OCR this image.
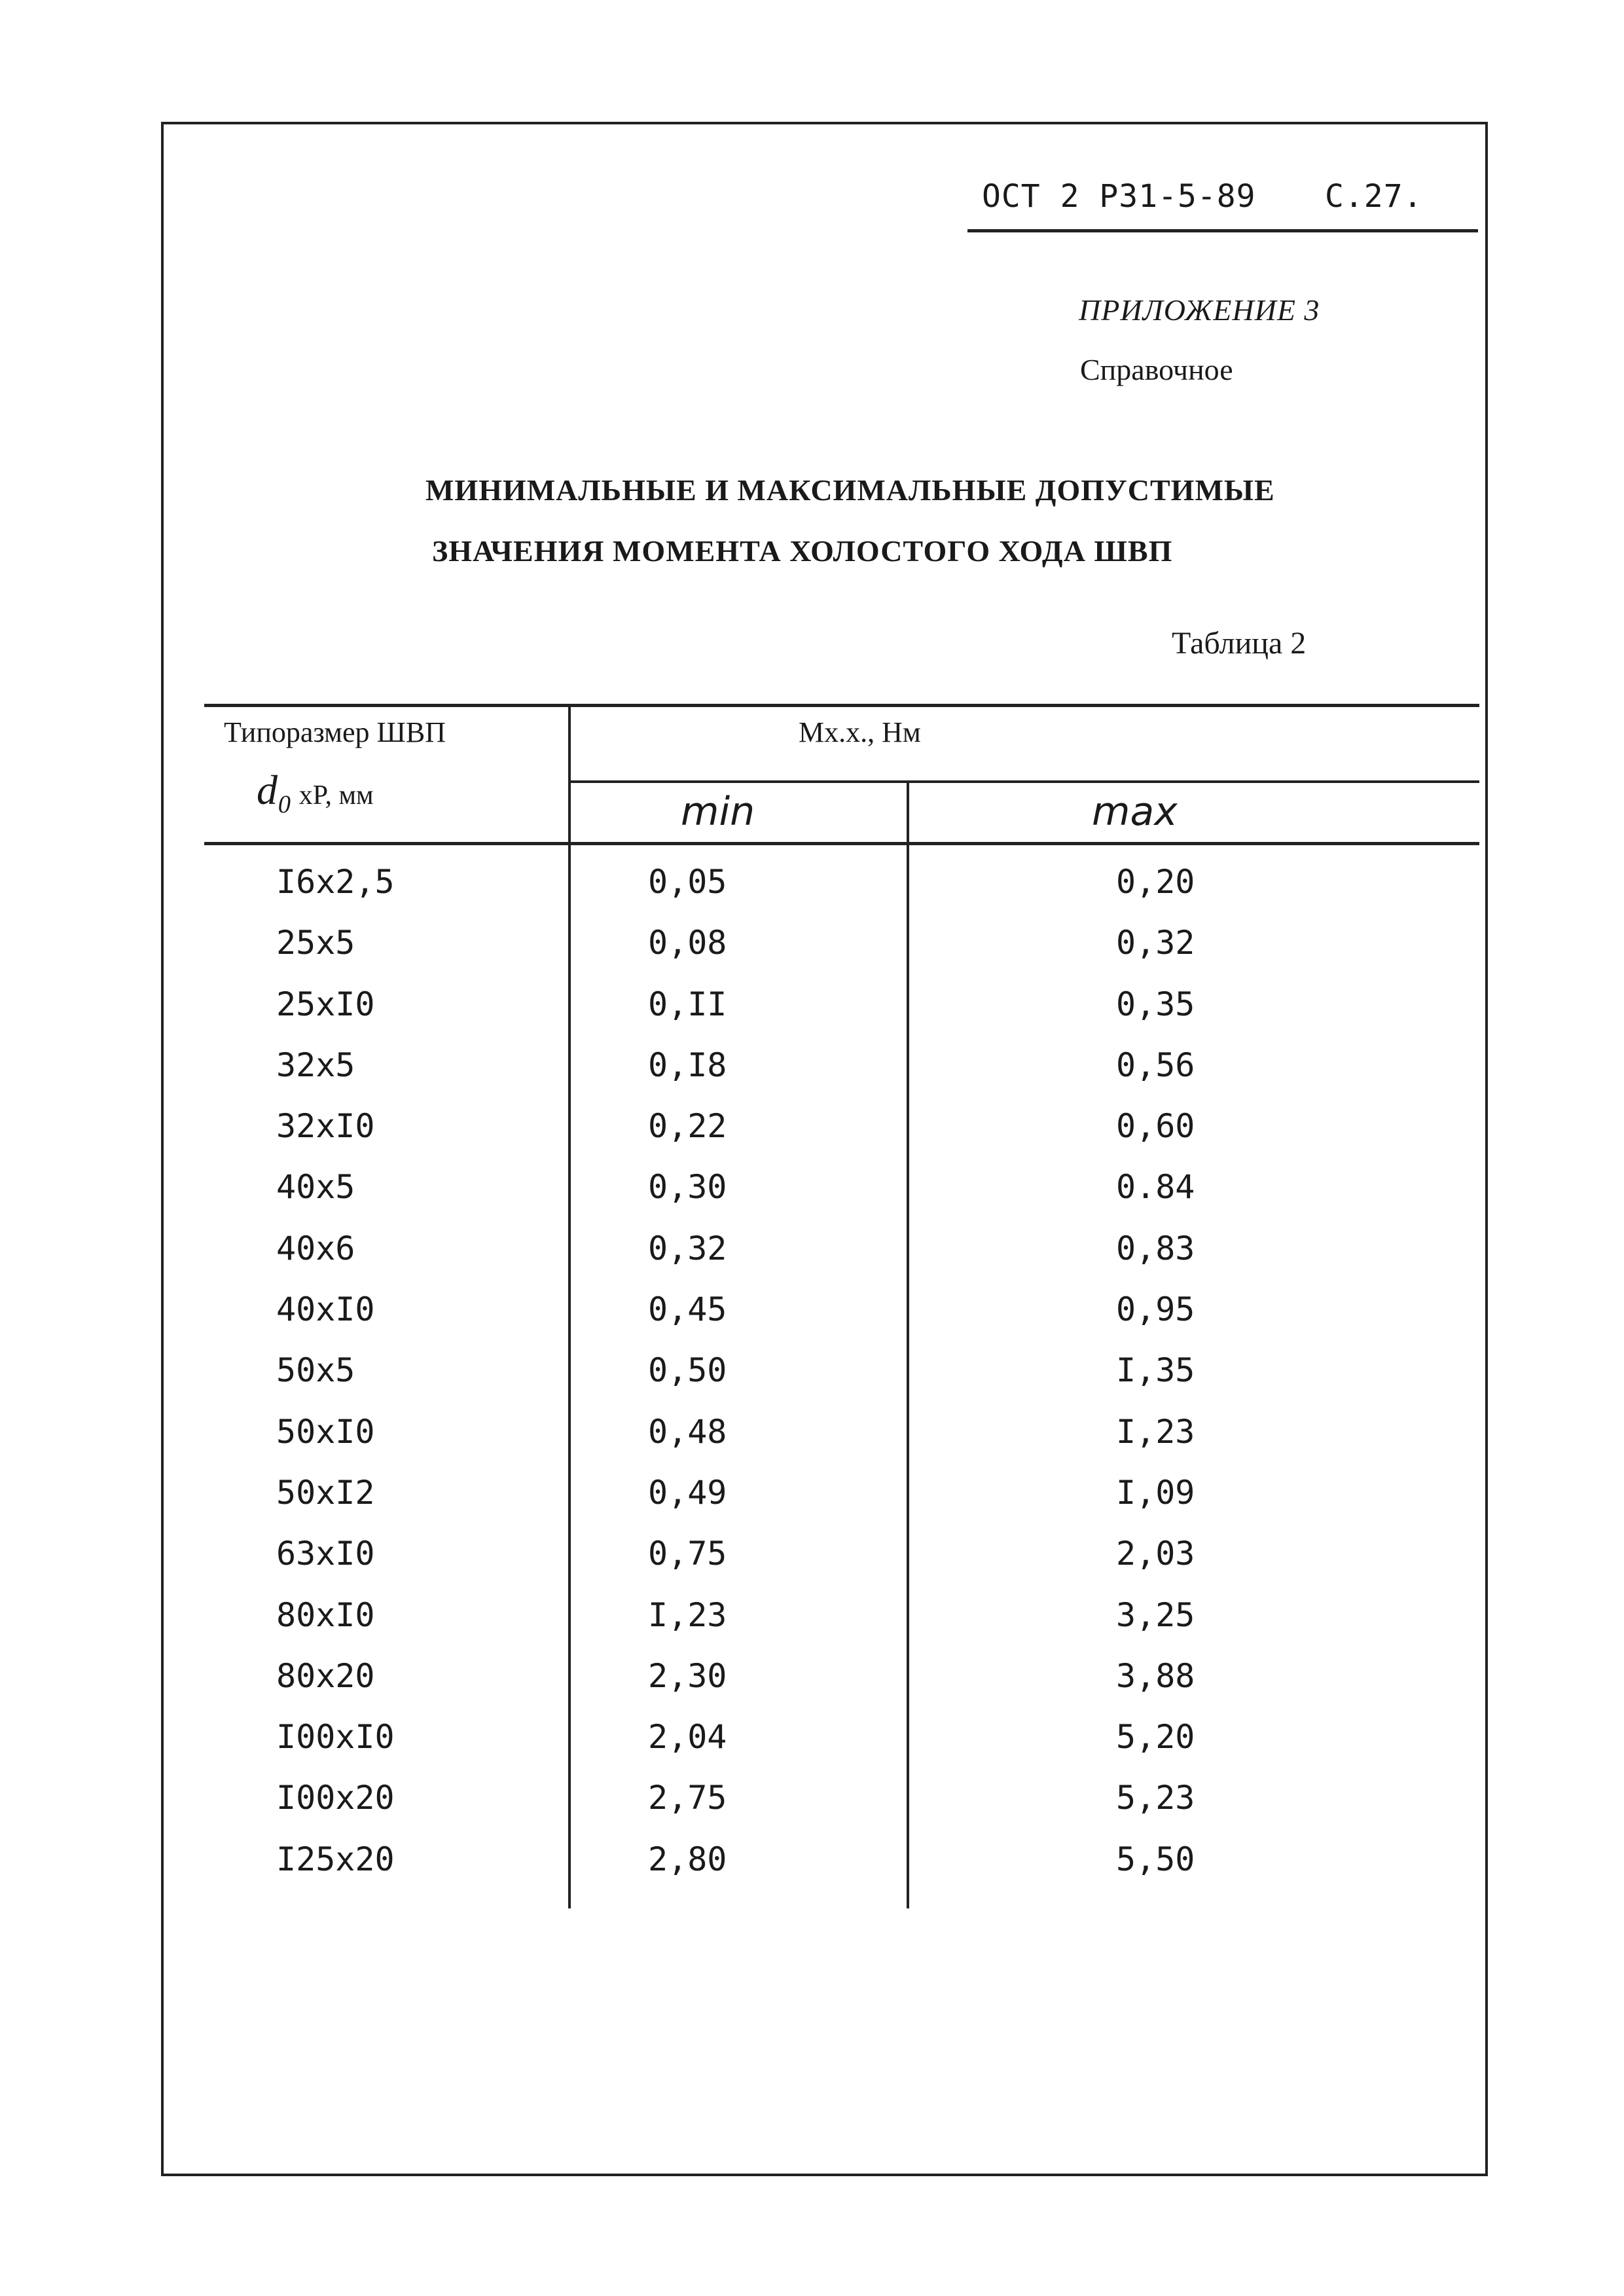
ОСТ 2 Р31-5-89 С.27.
ПРИЛОЖЕНИЕ 3
Справочное
МИНИМАЛЬНЫЕ И МАКСИМАЛЬНЫЕ ДОПУСТИМЫЕ
ЗНАЧЕНИЯ МОМЕНТА ХОЛОСТОГО ХОДА ШВП
Таблица 2
Типоразмер ШВП
d₀ xP, мм
Mx.x., Нм
min	max
I6x2,5	0,05	0,20
25x5	0,08	0,32
25xI0	0,II	0,35
32x5	0,I8	0,56
32xI0	0,22	0,60
40x5	0,30	0.84
40x6	0,32	0,83
40xI0	0,45	0,95
50x5	0,50	I,35
50xI0	0,48	I,23
50xI2	0,49	I,09
63xI0	0,75	2,03
80xI0	I,23	3,25
80x20	2,30	3,88
I00xI0	2,04	5,20
I00x20	2,75	5,23
I25x20	2,80	5,50
